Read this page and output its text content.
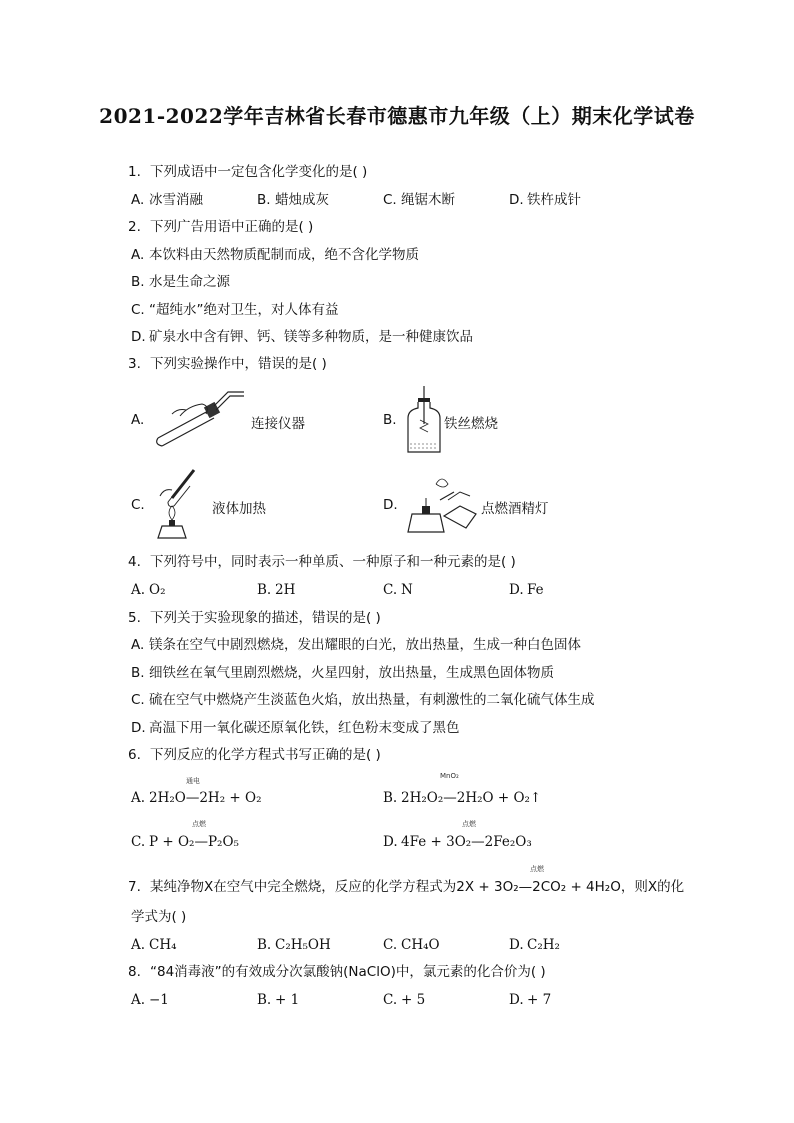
2021-2022学年吉林省长春市德惠市九年级（上）期末化学试卷
1. 下列成语中一定包含化学变化的是( )
A. 冰雪消融	B. 蜡烛成灰	C. 绳锯木断	D. 铁杵成针
2. 下列广告用语中正确的是( )
A. 本饮料由天然物质配制而成，绝不含化学物质
B. 水是生命之源
C. “超纯水”绝对卫生，对人体有益
D. 矿泉水中含有钾、钙、镁等多种物质，是一种健康饮品
3. 下列实验操作中，错误的是( )
A.	连接仪器	B.	铁丝燃烧
C.	液体加热	D.	点燃酒精灯
4. 下列符号中，同时表示一种单质、一种原子和一种元素的是( )
A. O₂	B. 2H	C. N	D. Fe
5. 下列关于实验现象的描述，错误的是( )
A. 镁条在空气中剧烈燃烧，发出耀眼的白光，放出热量，生成一种白色固体
B. 细铁丝在氧气里剧烈燃烧，火星四射，放出热量，生成黑色固体物质
C. 硫在空气中燃烧产生淡蓝色火焰，放出热量，有刺激性的二氧化硫气体生成
D. 高温下用一氧化碳还原氧化铁，红色粉末变成了黑色
6. 下列反应的化学方程式书写正确的是( )
通电
A. 2H₂O—2H₂ + O₂
MnO₂
B. 2H₂O₂—2H₂O + O₂↑
点燃
C. P + O₂—P₂O₅
点燃
D. 4Fe + 3O₂—2Fe₂O₃
点燃
7. 某纯净物X在空气中完全燃烧，反应的化学方程式为2X + 3O₂—2CO₂ + 4H₂O，则X的化
学式为( )
A. CH₄	B. C₂H₅OH	C. CH₄O	D. C₂H₂
8. “84消毒液”的有效成分次氯酸钠(NaClO)中，氯元素的化合价为( )
A. −1	B. + 1	C. + 5	D. + 7
